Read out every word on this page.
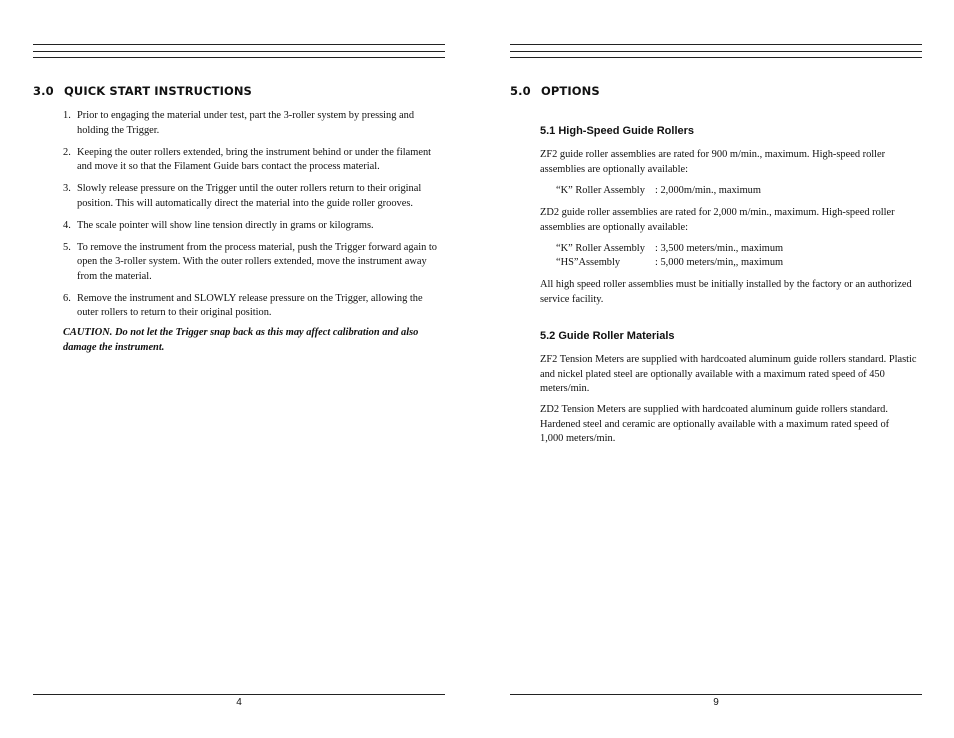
3.0 QUICK START INSTRUCTIONS
1. Prior to engaging the material under test, part the 3-roller system by pressing and holding the Trigger.
2. Keeping the outer rollers extended, bring the instrument behind or under the filament and move it so that the Filament Guide bars contact the process material.
3. Slowly release pressure on the Trigger until the outer rollers return to their original position. This will automatically direct the material into the guide roller grooves.
4. The scale pointer will show line tension directly in grams or kilograms.
5. To remove the instrument from the process material, push the Trigger forward again to open the 3-roller system. With the outer rollers extended, move the instrument away from the material.
6. Remove the instrument and SLOWLY release pressure on the Trigger, allowing the outer rollers to return to their original position.
CAUTION. Do not let the Trigger snap back as this may affect calibration and also damage the instrument.
4
5.0 OPTIONS
5.1 High-Speed Guide Rollers
ZF2 guide roller assemblies are rated for 900 m/min., maximum. High-speed roller assemblies are optionally available:
“K” Roller Assembly : 2,000m/min., maximum
ZD2 guide roller assemblies are rated for 2,000 m/min., maximum. High-speed roller assemblies are optionally available:
“K” Roller Assembly : 3,500 meters/min., maximum
“HS”Assembly	: 5,000 meters/min,, maximum
All high speed roller assemblies must be initially installed by the factory or an authorized service facility.
5.2 Guide Roller Materials
ZF2 Tension Meters are supplied with hardcoated aluminum guide rollers standard. Plastic and nickel plated steel are optionally available with a maximum rated speed of 450 meters/min.
ZD2 Tension Meters are supplied with hardcoated aluminum guide rollers standard. Hardened steel and ceramic are optionally available with a maximum rated speed of 1,000 meters/min.
9
